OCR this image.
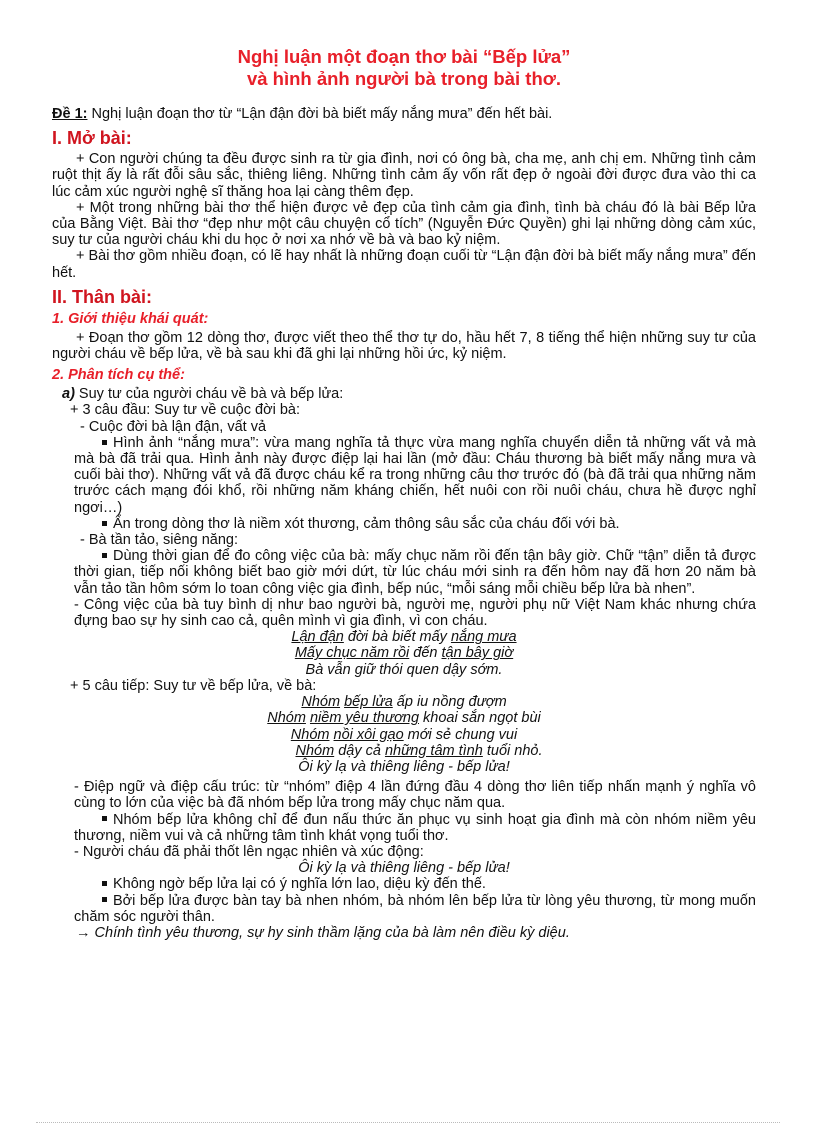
Nghị luận một đoạn thơ bài “Bếp lửa”
và hình ảnh người bà trong bài thơ.

Đề 1: Nghị luận đoạn thơ từ “Lận đận đời bà biết mấy nắng mưa” đến hết bài.

I. Mở bài:

+ Con người chúng ta đều được sinh ra từ gia đình, nơi có ông bà, cha mẹ, anh chị em. Những tình cảm ruột thịt ấy là rất đỗi sâu sắc, thiêng liêng. Những tình cảm ấy vốn rất đẹp ở ngoài đời được đưa vào thi ca lúc cảm xúc người nghệ sĩ thăng hoa lại càng thêm đẹp.

+ Một trong những bài thơ thể hiện được vẻ đẹp của tình cảm gia đình, tình bà cháu đó là bài Bếp lửa của Bằng Việt. Bài thơ “đẹp như một câu chuyện cổ tích” (Nguyễn Đức Quyền) ghi lại những dòng cảm xúc, suy tư của người cháu khi du học ở nơi xa nhớ về bà và bao kỷ niệm.

+ Bài thơ gồm nhiều đoạn, có lẽ hay nhất là những đoạn cuối từ “Lận đận đời bà biết mấy nắng mưa” đến hết.

II. Thân bài:
1. Giới thiệu khái quát:

+ Đoạn thơ gồm 12 dòng thơ, được viết theo thể thơ tự do, hầu hết 7, 8 tiếng thể hiện những suy tư của người cháu về bếp lửa, về bà sau khi đã ghi lại những hồi ức, kỷ niệm.

2. Phân tích cụ thể:

a) Suy tư của người cháu về bà và bếp lửa:

+ 3 câu đầu: Suy tư về cuộc đời bà:

- Cuộc đời bà lận đận, vất vả

Hình ảnh “nắng mưa”: vừa mang nghĩa tả thực vừa mang nghĩa chuyển diễn tả những vất vả mà mà bà đã trải qua. Hình ảnh này được điệp lại hai lần (mở đầu: Cháu thương bà biết mấy nắng mưa và cuối bài thơ). Những vất vả đã được cháu kể ra trong những câu thơ trước đó (bà đã trải qua những năm trước cách mạng đói khổ, rồi những năm kháng chiến, hết nuôi con rồi nuôi cháu, chưa hề được nghỉ ngơi…)

Ẩn trong dòng thơ là niềm xót thương, cảm thông sâu sắc của cháu đối với bà.

- Bà tần tảo, siêng năng:

Dùng thời gian để đo công việc của bà: mấy chục năm rồi đến tận bây giờ. Chữ “tận” diễn tả được thời gian, tiếp nối không biết bao giờ mới dứt, từ lúc cháu mới sinh ra đến hôm nay đã hơn 20 năm bà vẫn tảo tần hôm sớm lo toan công việc gia đình, bếp núc, “mỗi sáng mỗi chiều bếp lửa bà nhen”.

- Công việc của bà tuy bình dị như bao người bà, người mẹ, người phụ nữ Việt Nam khác nhưng chứa đựng bao sự hy sinh cao cả, quên mình vì gia đình, vì con cháu.

Lận đận đời bà biết mấy nắng mưa
Mấy chục năm rồi đến tận bây giờ
Bà vẫn giữ thói quen dậy sớm.

+ 5 câu tiếp: Suy tư về bếp lửa, về bà:

Nhóm bếp lửa ấp iu nồng đượm
Nhóm niềm yêu thương khoai sắn ngọt bùi
Nhóm nồi xôi gạo mới sẻ chung vui
Nhóm dậy cả những tâm tình tuổi nhỏ.
Ôi kỳ lạ và thiêng liêng - bếp lửa!

- Điệp ngữ và điệp cấu trúc: từ “nhóm” điệp 4 lần đứng đầu 4 dòng thơ liên tiếp nhấn mạnh ý nghĩa vô cùng to lớn của việc bà đã nhóm bếp lửa trong mấy chục năm qua.

Nhóm bếp lửa không chỉ để đun nấu thức ăn phục vụ sinh hoạt gia đình mà còn nhóm niềm yêu thương, niềm vui và cả những tâm tình khát vọng tuổi thơ.

- Người cháu đã phải thốt lên ngạc nhiên và xúc động:

Ôi kỳ lạ và thiêng liêng - bếp lửa!

Không ngờ bếp lửa lại có ý nghĩa lớn lao, diệu kỳ đến thế.

Bởi bếp lửa được bàn tay bà nhen nhóm, bà nhóm lên bếp lửa từ lòng yêu thương, từ mong muốn chăm sóc người thân.

→ Chính tình yêu thương, sự hy sinh thầm lặng của bà làm nên điều kỳ diệu.
